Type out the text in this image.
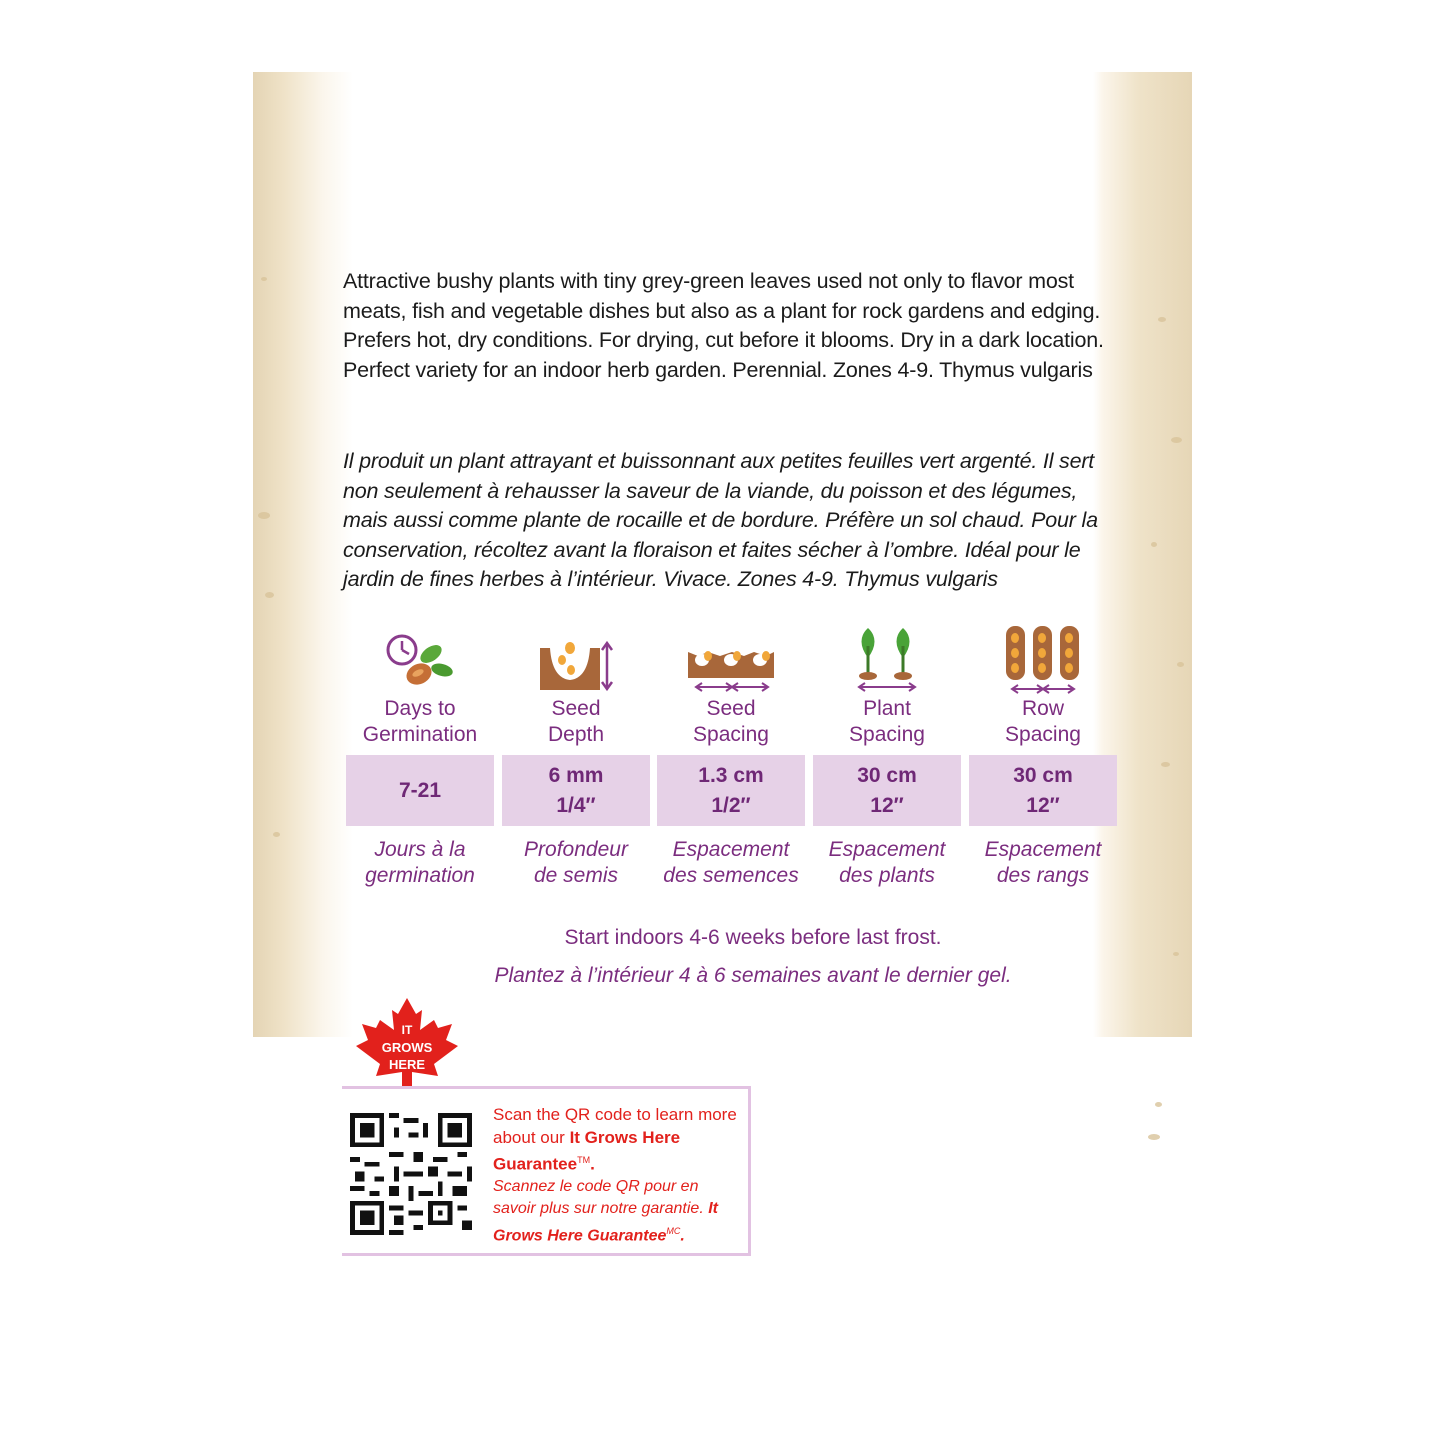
Attractive bushy plants with tiny grey-green leaves used not only to flavor most meats, fish and vegetable dishes but also as a plant for rock gardens and edging. Prefers hot, dry conditions. For drying, cut before it blooms. Dry in a dark location. Perfect variety for an indoor herb garden. Perennial. Zones 4-9. Thymus vulgaris

Il produit un plant attrayant et buissonnant aux petites feuilles vert argenté. Il sert non seulement à rehausser la saveur de la viande, du poisson et des légumes, mais aussi comme plante de rocaille et de bordure. Préfère un sol chaud. Pour la conservation, récoltez avant la floraison et faites sécher à l’ombre. Idéal pour le jardin de fines herbes à l’intérieur. Vivace. Zones 4-9. Thymus vulgaris

Days to
Germination
Seed
Depth
Seed
Spacing
Plant
Spacing
Row
Spacing
7-21
6 mm
1/4″
1.3 cm
1/2″
30 cm
12″
30 cm
12″
Jours à la
germination
Profondeur
de semis
Espacement
des semences
Espacement
des plants
Espacement
des rangs
Start indoors 4-6 weeks before last frost.
Plantez à l’intérieur 4 à 6 semaines avant le dernier gel.
IT
GROWS
HERE
Scan the QR code to learn more about our It Grows Here Guarantee™.
Scannez le code QR pour en savoir plus sur notre garantie. It Grows Here Guarantee$^{MC}$.
